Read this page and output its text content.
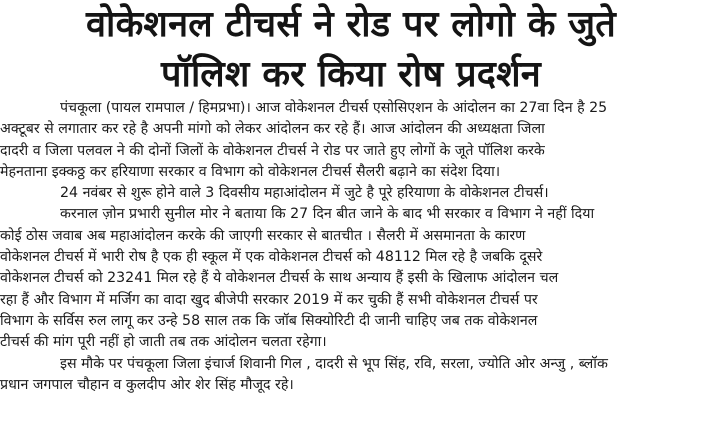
वोकेशनल टीचर्स ने रोड पर लोगो के जुते
पॉलिश कर किया रोष प्रदर्शन

पंचकूला (पायल रामपाल / हिमप्रभा)। आज वोकेशनल टीचर्स एसोसिएशन के आंदोलन का 27वा दिन है 25
अक्टूबर से लगातार कर रहे है अपनी मांगो को लेकर आंदोलन कर रहे हैं। आज आंदोलन की अध्यक्षता जिला
दादरी व जिला पलवल ने की दोनों जिलों के वोकेशनल टीचर्स ने रोड पर जाते हुए लोगों के जूते पॉलिश करके
मेहनताना इक्कठ्ठ कर हरियाणा सरकार व विभाग को वोकेशनल टीचर्स सैलरी बढ़ाने का संदेश दिया।

24 नवंबर से शुरू होने वाले 3 दिवसीय महाआंदोलन में जुटे है पूरे हरियाणा के वोकेशनल टीचर्स।

करनाल ज़ोन प्रभारी सुनील मोर ने बताया कि 27 दिन बीत जाने के बाद भी सरकार व विभाग ने नहीं दिया
कोई ठोस जवाब अब महाआंदोलन करके की जाएगी सरकार से बातचीत । सैलरी में असमानता के कारण
वोकेशनल टीचर्स में भारी रोष है एक ही स्कूल में एक वोकेशनल टीचर्स को 48112 मिल रहे है जबकि दूसरे
वोकेशनल टीचर्स को 23241 मिल रहे हैं ये वोकेशनल टीचर्स के साथ अन्याय हैं इसी के खिलाफ आंदोलन चल
रहा हैं और विभाग में मर्जिग का वादा खुद बीजेपी सरकार 2019 में कर चुकी हैं सभी वोकेशनल टीचर्स पर
विभाग के सर्विस रुल लागू कर उन्हे 58 साल तक कि जॉब सिक्योरिटी दी जानी चाहिए जब तक वोकेशनल
टीचर्स की मांग पूरी नहीं हो जाती तब तक आंदोलन चलता रहेगा।

इस मौके पर पंचकूला जिला इंचार्ज शिवानी गिल , दादरी से भूप सिंह, रवि, सरला, ज्योति ओर अन्जु , ब्लॉक
प्रधान जगपाल चौहान व कुलदीप ओर शेर सिंह मौजूद रहे।
